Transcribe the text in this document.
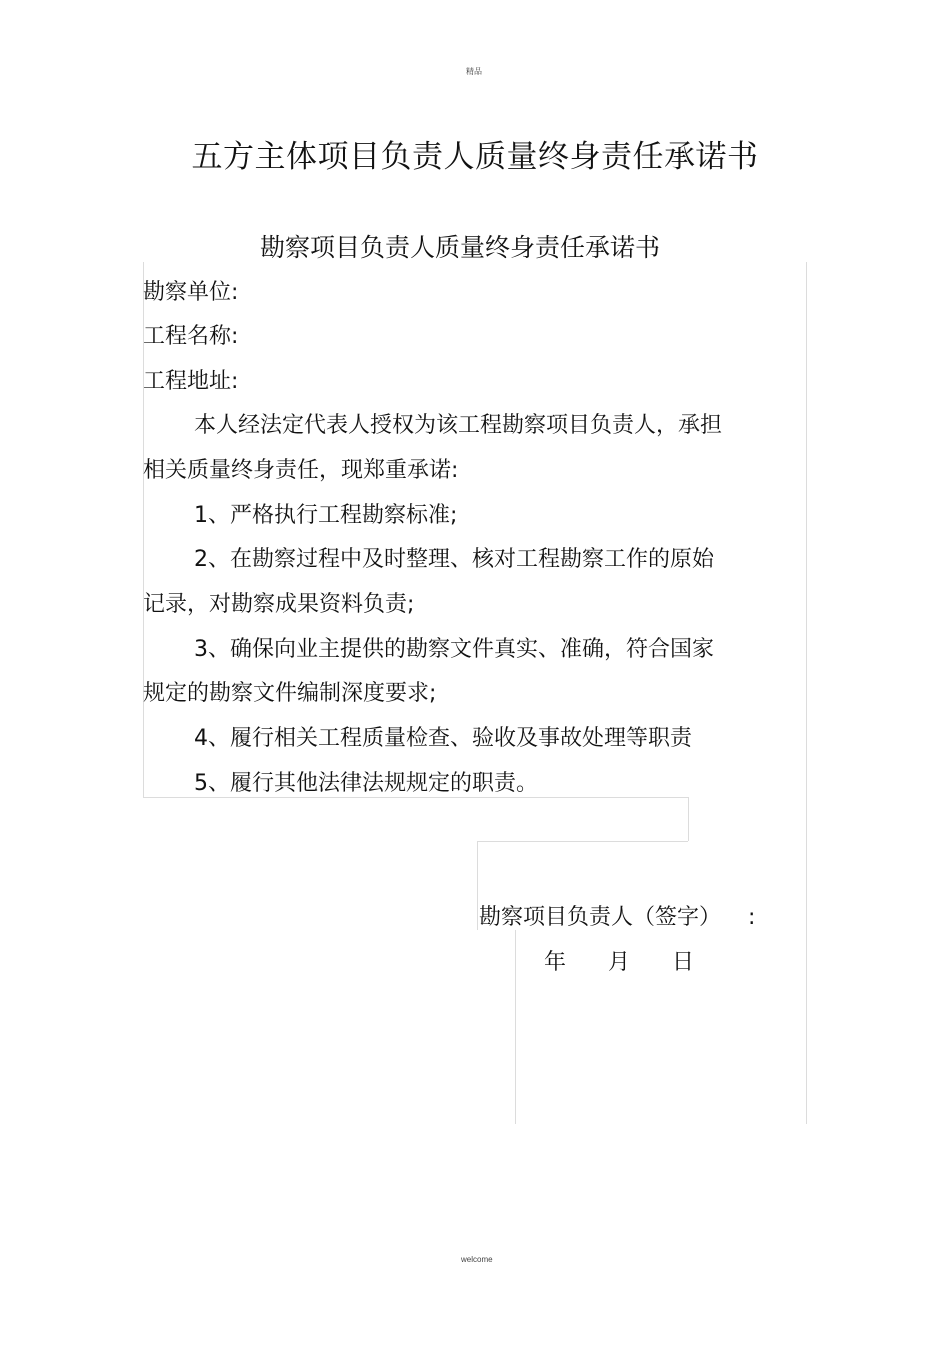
精品
五方主体项目负责人质量终身责任承诺书
勘察项目负责人质量终身责任承诺书
勘察单位:
工程名称:
工程地址:
本人经法定代表人授权为该工程勘察项目负责人，承担
相关质量终身责任，现郑重承诺:
1、严格执行工程勘察标准;
2、在勘察过程中及时整理、核对工程勘察工作的原始
记录，对勘察成果资料负责;
3、确保向业主提供的勘察文件真实、准确，符合国家
规定的勘察文件编制深度要求;
4、履行相关工程质量检查、验收及事故处理等职责
5、履行其他法律法规规定的职责。
勘察项目负责人（签字） :
年 月 日
welcome
